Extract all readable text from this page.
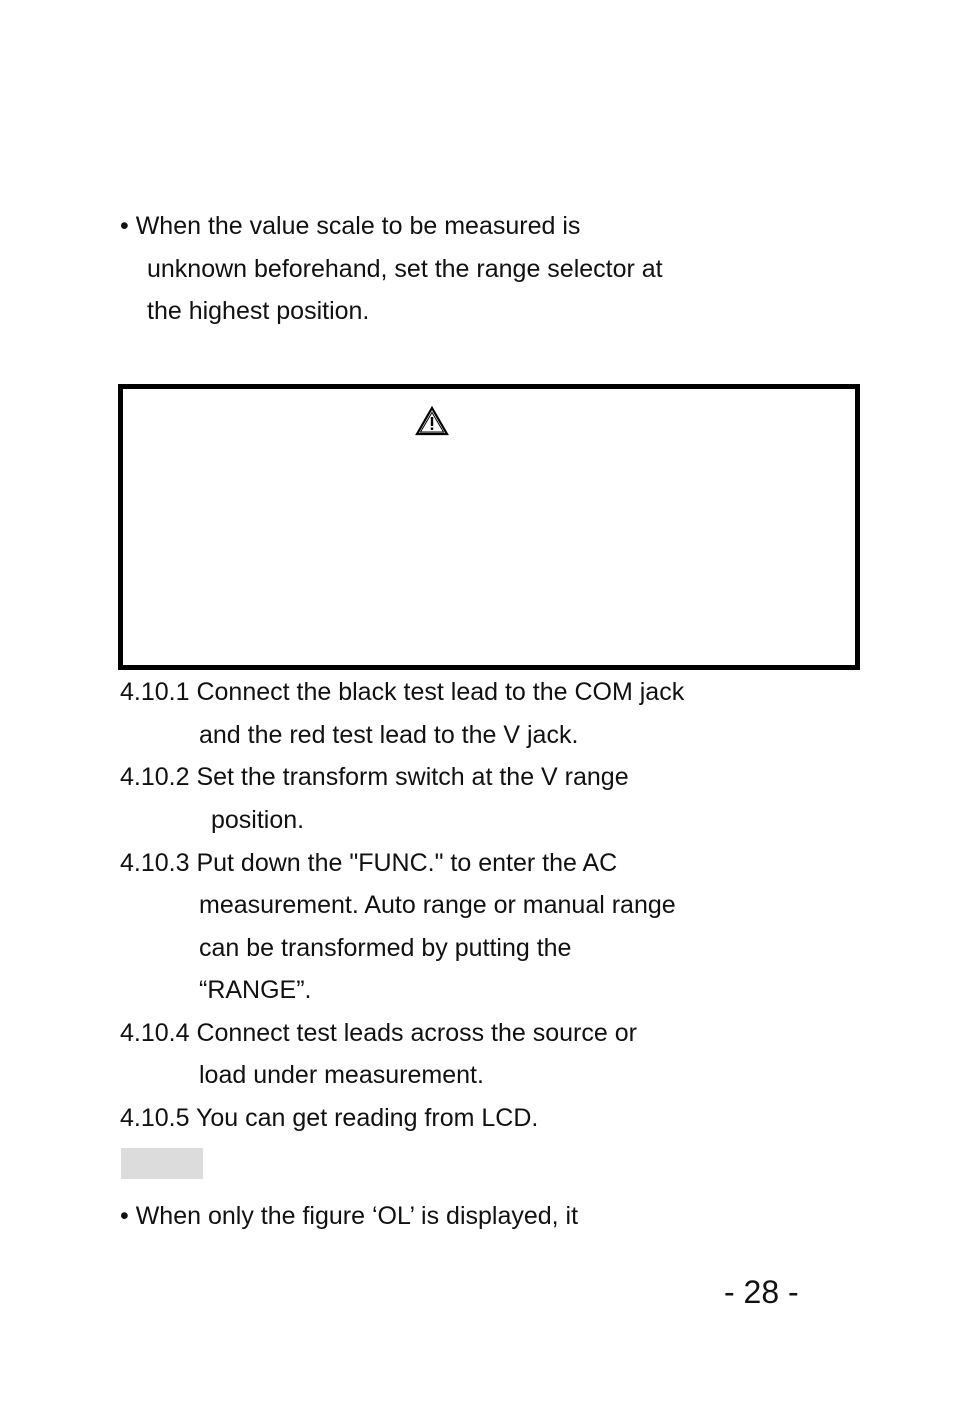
• When the value scale to be measured is
unknown beforehand, set the range selector at
the highest position.
4.10.1 Connect the black test lead to the COM jack
and the red test lead to the V jack.
4.10.2 Set the transform switch at the V range
position.
4.10.3 Put down the "FUNC." to enter the AC
measurement. Auto range or manual range
can be transformed by putting the
“RANGE”.
4.10.4 Connect test leads across the source or
load under measurement.
4.10.5 You can get reading from LCD.
• When only the figure ‘OL’ is displayed, it
- 28 -
